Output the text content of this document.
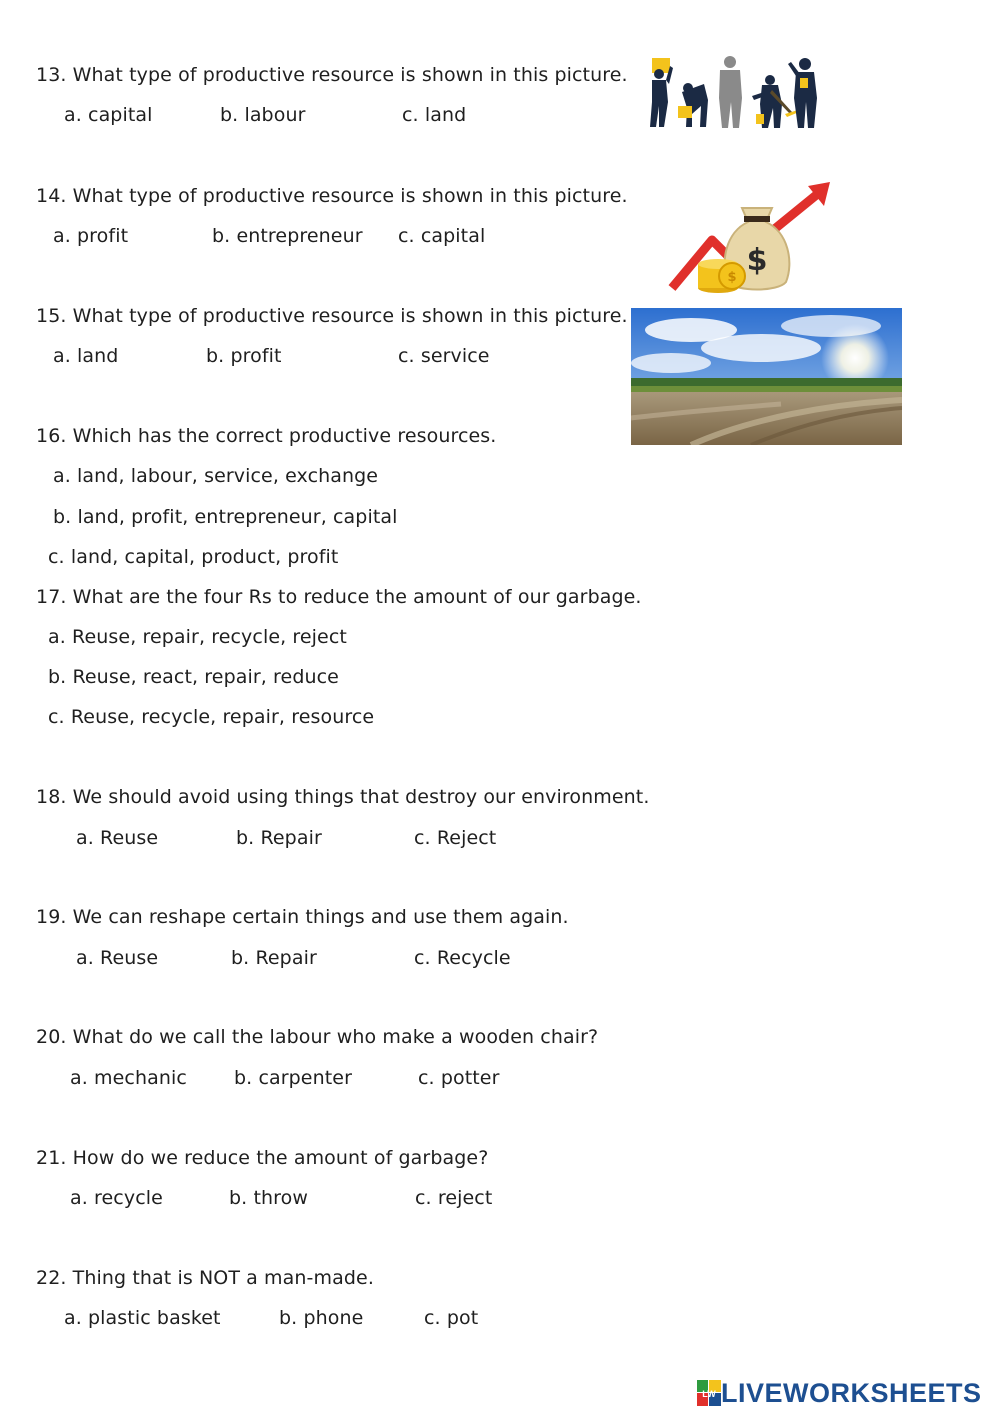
13. What type of productive resource is shown in this picture.
a. capital	b. labour	c. land
14. What type of productive resource is shown in this picture.
a. profit	b. entrepreneur c. capital
15. What type of productive resource is shown in this picture.
a. land	b. profit	c. service
16. Which has the correct productive resources.
a. land, labour, service, exchange
b. land, profit, entrepreneur, capital
c. land, capital, product, profit
17. What are the four Rs to reduce the amount of our garbage.
a. Reuse, repair, recycle, reject
b. Reuse, react, repair, reduce
c. Reuse, recycle, repair, resource
18. We should avoid using things that destroy our environment.
a. Reuse	b. Repair	c. Reject
19. We can reshape certain things and use them again.
a. Reuse	b. Repair	c. Recycle
20. What do we call the labour who make a wooden chair?
a. mechanic b. carpenter	c. potter
21. How do we reduce the amount of garbage?
a. recycle	b. throw	c. reject
22. Thing that is NOT a man-made.
a. plastic basket	b. phone	c. pot
$
$
LW LIVEWORKSHEETS
